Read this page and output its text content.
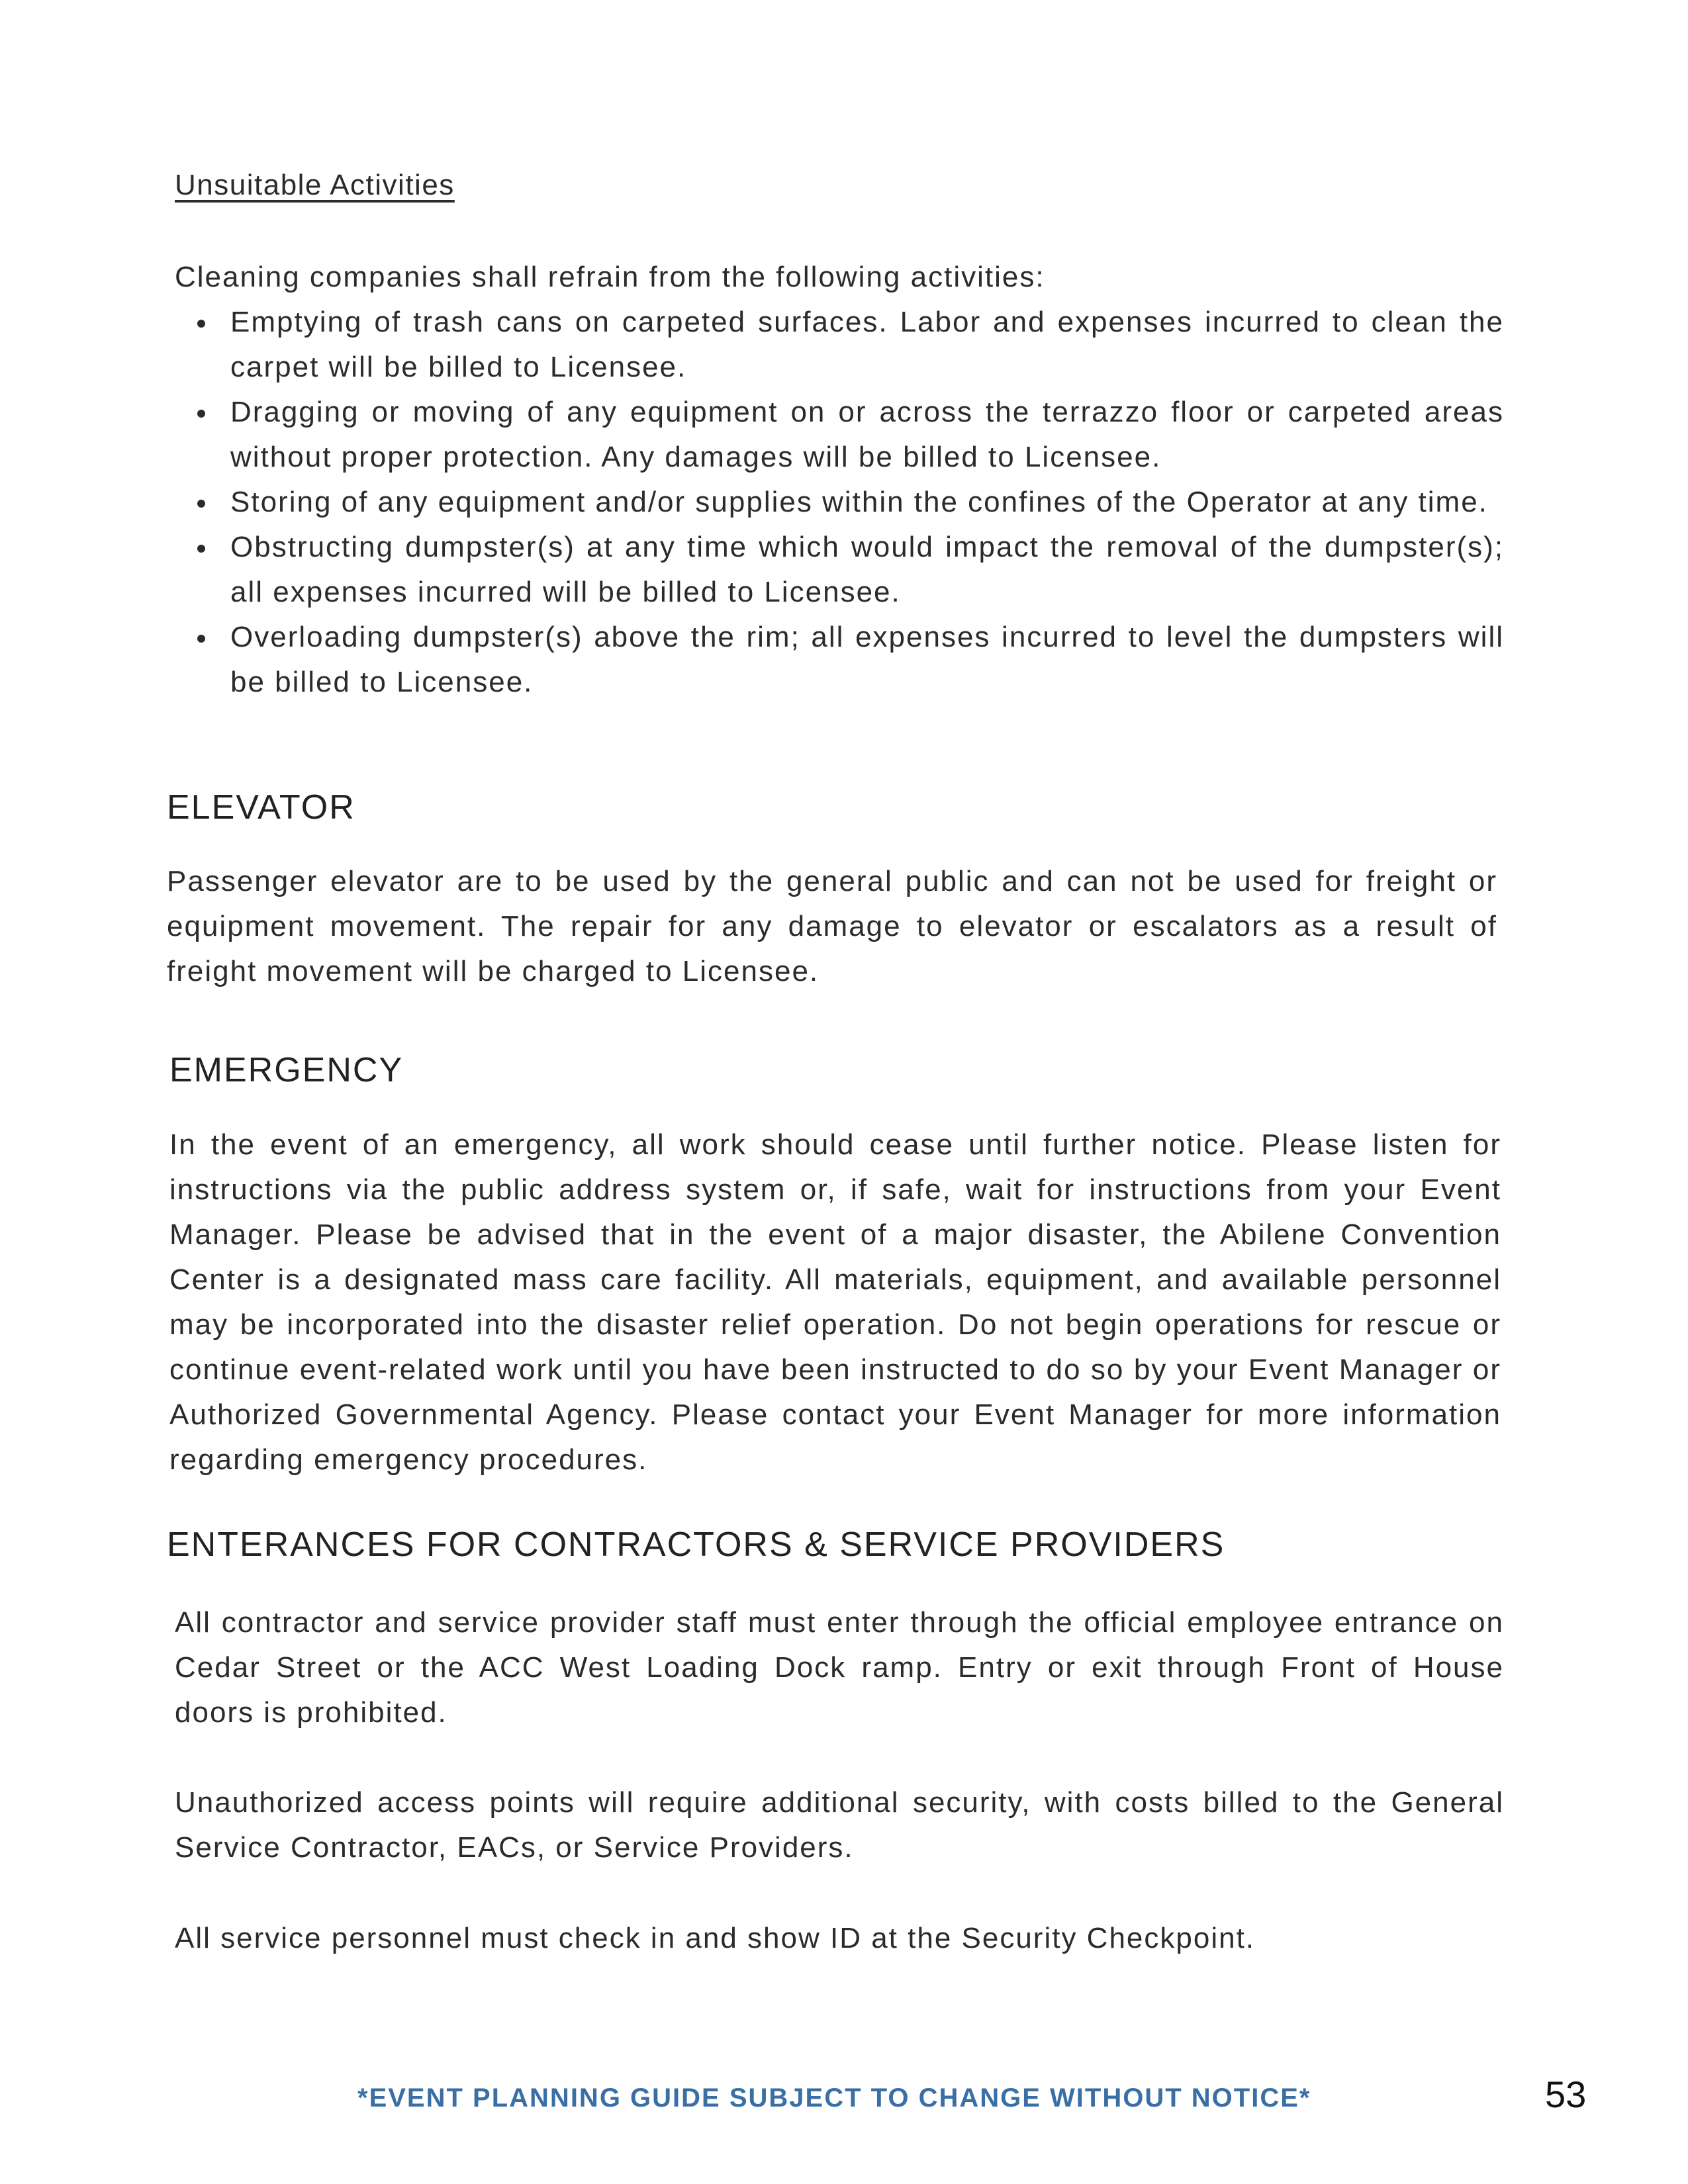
Unsuitable Activities

Cleaning companies shall refrain from the following activities:

Emptying of trash cans on carpeted surfaces. Labor and expenses incurred to clean the carpet will be billed to Licensee.
Dragging or moving of any equipment on or across the terrazzo floor or carpeted areas without proper protection. Any damages will be billed to Licensee.
Storing of any equipment and/or supplies within the confines of the Operator at any time.
Obstructing dumpster(s) at any time which would impact the removal of the dumpster(s); all expenses incurred will be billed to Licensee.
Overloading dumpster(s) above the rim; all expenses incurred to level the dumpsters will be billed to Licensee.
ELEVATOR

Passenger elevator are to be used by the general public and can not be used for freight or equipment movement. The repair for any damage to elevator or escalators as a result of freight movement will be charged to Licensee.

EMERGENCY

In the event of an emergency, all work should cease until further notice. Please listen for instructions via the public address system or, if safe, wait for instructions from your Event Manager. Please be advised that in the event of a major disaster, the Abilene Convention Center is a designated mass care facility. All materials, equipment, and available personnel may be incorporated into the disaster relief operation. Do not begin operations for rescue or continue event-related work until you have been instructed to do so by your Event Manager or Authorized Governmental Agency. Please contact your Event Manager for more information regarding emergency procedures.

ENTERANCES FOR CONTRACTORS & SERVICE PROVIDERS

All contractor and service provider staff must enter through the official employee entrance on Cedar Street or the ACC West Loading Dock ramp. Entry or exit through Front of House doors is prohibited.

Unauthorized access points will require additional security, with costs billed to the General Service Contractor, EACs, or Service Providers.

All service personnel must check in and show ID at the Security Checkpoint.

*EVENT PLANNING GUIDE SUBJECT TO CHANGE WITHOUT NOTICE*	53
